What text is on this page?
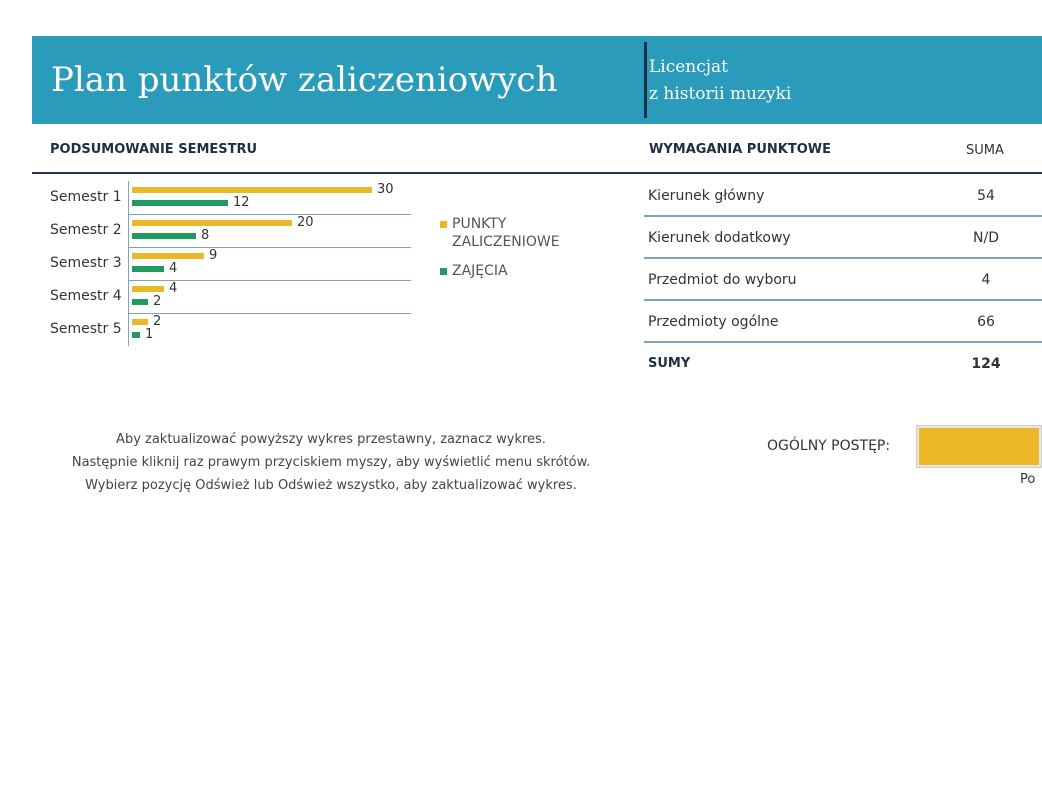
Plan punktów zaliczeniowych	Licencjat
z historii muzyki
PODSUMOWANIE SEMESTRU	WYMAGANIA PUNKTOWE	SUMA
Semestr 1
Semestr 2
Semestr 3
Semestr 4
Semestr 5
30
20
9
4
2
12
8
4
2
1
PUNKTY
ZALICZENIOWE
ZAJĘCIA
Kierunek główny	54
Kierunek dodatkowy	N/D
Przedmiot do wyboru	4
Przedmioty ogólne	66
SUMY	124
Aby zaktualizować powyższy wykres przestawny, zaznacz wykres.
Następnie kliknij raz prawym przyciskiem myszy, aby wyświetlić menu skrótów.
Wybierz pozycję Odśwież lub Odśwież wszystko, aby zaktualizować wykres.
OGÓLNY POSTĘP:
Po
